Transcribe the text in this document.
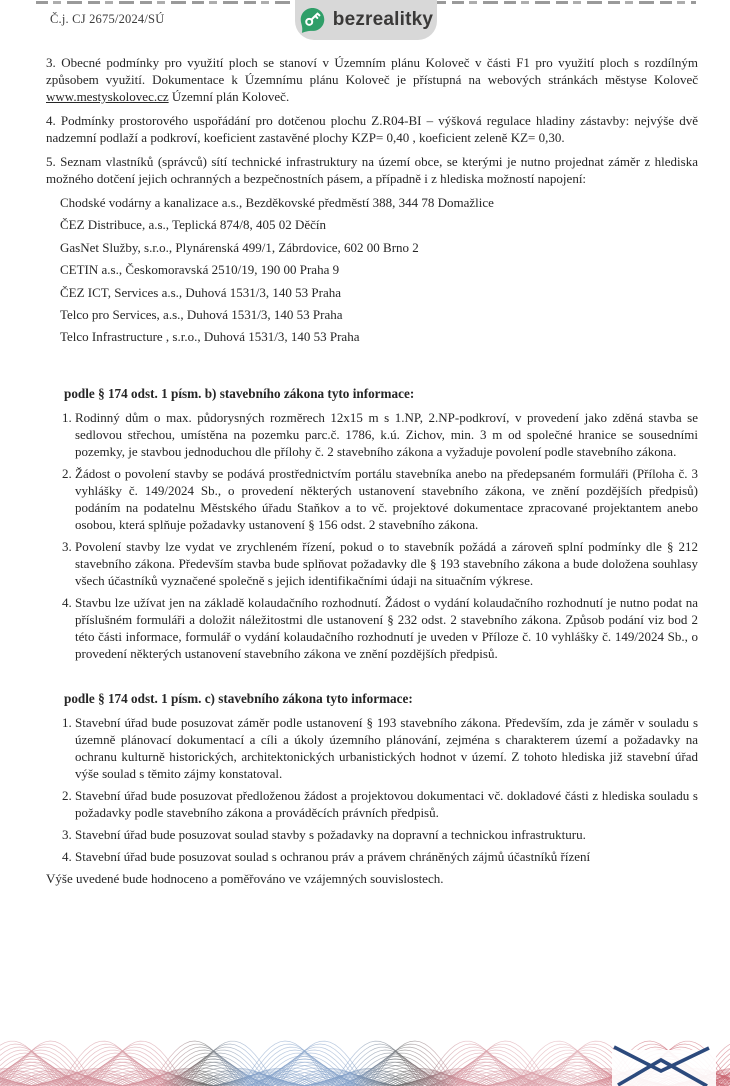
Č.j. CJ 2675/2024/SÚ	bezrealitky

3. Obecné podmínky pro využití ploch se stanoví v Územním plánu Koloveč v části F1 pro využití ploch s rozdílným způsobem využití. Dokumentace k Územnímu plánu Koloveč je přístupná na webových stránkách městyse Koloveč www.mestyskolovec.cz Územní plán Koloveč.

4. Podmínky prostorového uspořádání pro dotčenou plochu Z.R04-BI – výšková regulace hladiny zástavby: nejvýše dvě nadzemní podlaží a podkroví, koeficient zastavěné plochy KZP= 0,40 , koeficient zeleně KZ= 0,30.

5. Seznam vlastníků (správců) sítí technické infrastruktury na území obce, se kterými je nutno projednat záměr z hlediska možného dotčení jejich ochranných a bezpečnostních pásem, a případně i z hlediska možností napojení:

Chodské vodárny a kanalizace a.s., Bezděkovské předměstí 388, 344 78 Domažlice
ČEZ Distribuce, a.s., Teplická 874/8, 405 02 Děčín
GasNet Služby, s.r.o., Plynárenská 499/1, Zábrdovice, 602 00 Brno 2
CETIN a.s., Českomoravská 2510/19, 190 00 Praha 9
ČEZ ICT, Services a.s., Duhová 1531/3, 140 53 Praha
Telco pro Services, a.s., Duhová 1531/3, 140 53 Praha
Telco Infrastructure , s.r.o., Duhová 1531/3, 140 53 Praha
podle § 174 odst. 1 písm. b) stavebního zákona tyto informace:
1. Rodinný dům o max. půdorysných rozměrech 12x15 m s 1.NP, 2.NP-podkroví, v provedení jako zděná stavba se sedlovou střechou, umístěna na pozemku parc.č. 1786, k.ú. Zichov, min. 3 m od společné hranice se sousedními pozemky, je stavbou jednoduchou dle přílohy č. 2 stavebního zákona a vyžaduje povolení podle stavebního zákona.
2. Žádost o povolení stavby se podává prostřednictvím portálu stavebníka anebo na předepsaném formuláři (Příloha č. 3 vyhlášky č. 149/2024 Sb., o provedení některých ustanovení stavebního zákona, ve znění pozdějších předpisů) podáním na podatelnu Městského úřadu Staňkov a to vč. projektové dokumentace zpracované projektantem anebo osobou, která splňuje požadavky ustanovení § 156 odst. 2 stavebního zákona.
3. Povolení stavby lze vydat ve zrychleném řízení, pokud o to stavebník požádá a zároveň splní podmínky dle § 212 stavebního zákona. Především stavba bude splňovat požadavky dle § 193 stavebního zákona a bude doložena souhlasy všech účastníků vyznačené společně s jejich identifikačními údaji na situačním výkrese.
4. Stavbu lze užívat jen na základě kolaudačního rozhodnutí. Žádost o vydání kolaudačního rozhodnutí je nutno podat na příslušném formuláři a doložit náležitostmi dle ustanovení § 232 odst. 2 stavebního zákona. Způsob podání viz bod 2 této části informace, formulář o vydání kolaudačního rozhodnutí je uveden v Příloze č. 10 vyhlášky č. 149/2024 Sb., o provedení některých ustanovení stavebního zákona ve znění pozdějších předpisů.
podle § 174 odst. 1 písm. c) stavebního zákona tyto informace:
1. Stavební úřad bude posuzovat záměr podle ustanovení § 193 stavebního zákona. Především, zda je záměr v souladu s územně plánovací dokumentací a cíli a úkoly územního plánování, zejména s charakterem území a požadavky na ochranu kulturně historických, architektonických urbanistických hodnot v území. Z tohoto hlediska již stavební úřad výše soulad s těmito zájmy konstatoval.
2. Stavební úřad bude posuzovat předloženou žádost a projektovou dokumentaci vč. dokladové části z hlediska souladu s požadavky podle stavebního zákona a prováděcích právních předpisů.
3. Stavební úřad bude posuzovat soulad stavby s požadavky na dopravní a technickou infrastrukturu.
4. Stavební úřad bude posuzovat soulad s ochranou práv a právem chráněných zájmů účastníků řízení

Výše uvedené bude hodnoceno a poměřováno ve vzájemných souvislostech.
